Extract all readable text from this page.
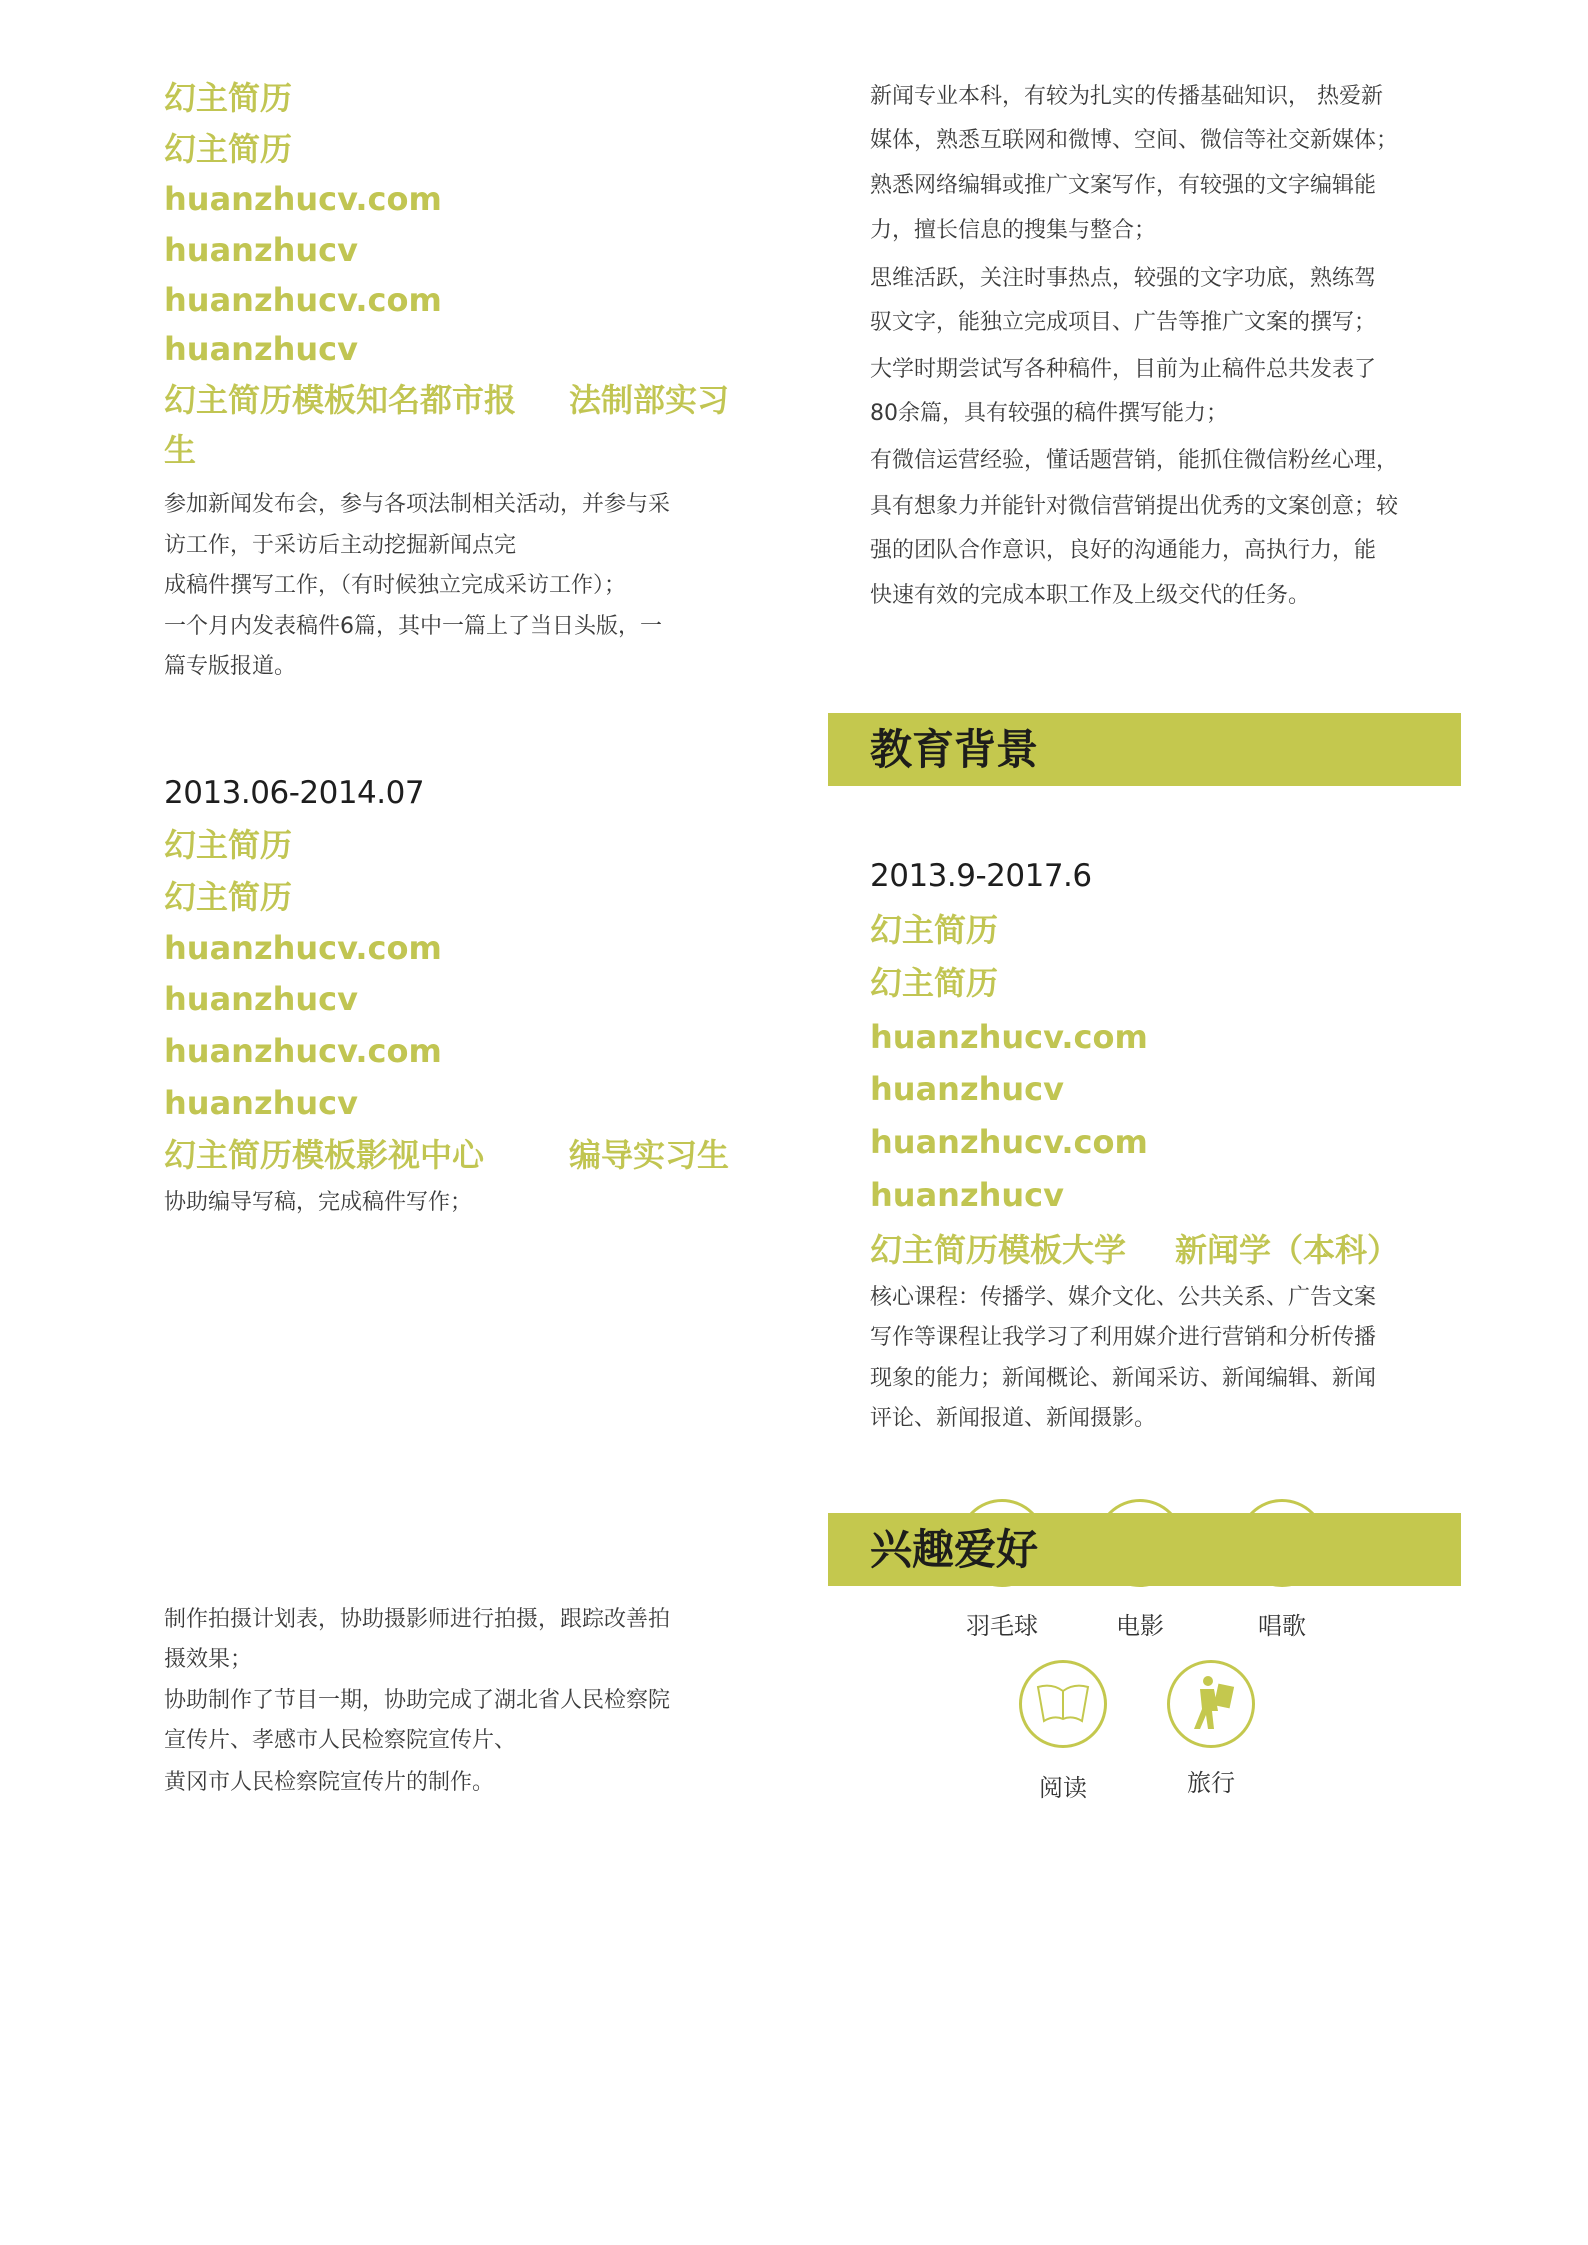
幻主简历
幻主简历
huanzhucv.com
huanzhucv
huanzhucv.com
huanzhucv
幻主简历模板知名都市报 法制部实习
生
参加新闻发布会，参与各项法制相关活动，并参与采
访工作，于采访后主动挖掘新闻点完
成稿件撰写工作，（有时候独立完成采访工作）；
一个月内发表稿件6篇，其中一篇上了当日头版，一
篇专版报道。
2013.06-2014.07
幻主简历
幻主简历
huanzhucv.com
huanzhucv
huanzhucv.com
huanzhucv
幻主简历模板影视中心	编导实习生
协助编导写稿，完成稿件写作；
制作拍摄计划表，协助摄影师进行拍摄，跟踪改善拍
摄效果；
协助制作了节目一期，协助完成了湖北省人民检察院
宣传片、孝感市人民检察院宣传片、
黄冈市人民检察院宣传片的制作。
新闻专业本科，有较为扎实的传播基础知识， 热爱新
媒体，熟悉互联网和微博、空间、微信等社交新媒体；
熟悉网络编辑或推广文案写作，有较强的文字编辑能
力，擅长信息的搜集与整合；
思维活跃，关注时事热点，较强的文字功底，熟练驾
驭文字，能独立完成项目、广告等推广文案的撰写；
大学时期尝试写各种稿件，目前为止稿件总共发表了
80余篇，具有较强的稿件撰写能力；
有微信运营经验，懂话题营销，能抓住微信粉丝心理，
具有想象力并能针对微信营销提出优秀的文案创意；较
强的团队合作意识，良好的沟通能力，高执行力，能
快速有效的完成本职工作及上级交代的任务。
教育背景
2013.9-2017.6
幻主简历
幻主简历
huanzhucv.com
huanzhucv
huanzhucv.com
huanzhucv
幻主简历模板大学 新闻学（本科）
核心课程：传播学、媒介文化、公共关系、广告文案
写作等课程让我学习了利用媒介进行营销和分析传播
现象的能力；新闻概论、新闻采访、新闻编辑、新闻
评论、新闻报道、新闻摄影。
兴趣爱好
羽毛球	电影	唱歌
阅读	旅行
